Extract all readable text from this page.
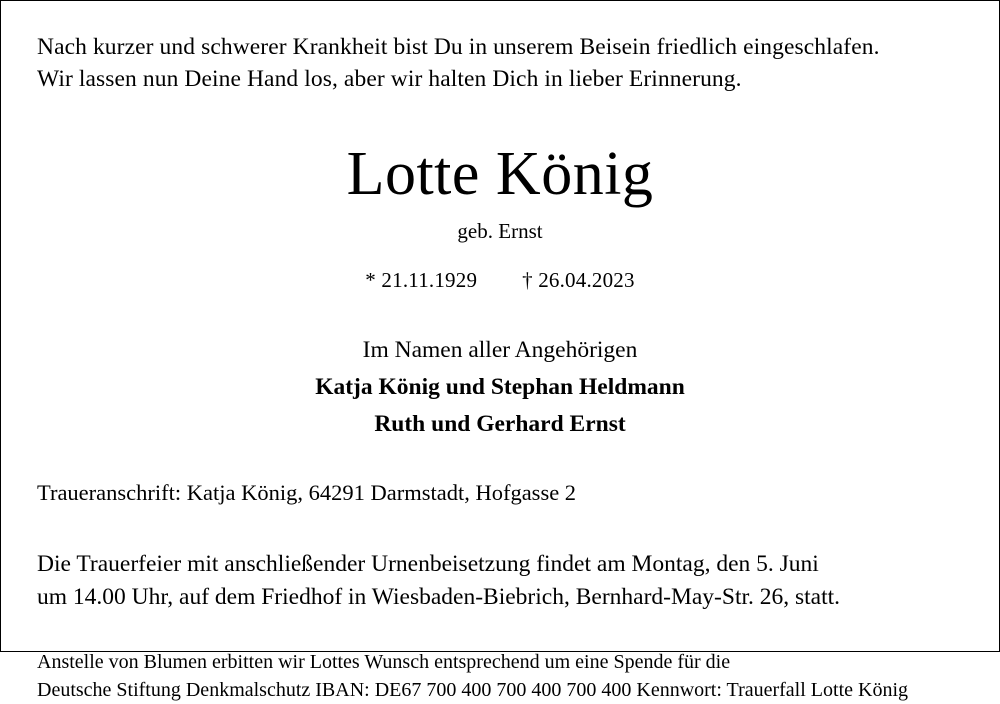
Nach kurzer und schwerer Krankheit bist Du in unserem Beisein friedlich eingeschlafen.
Wir lassen nun Deine Hand los, aber wir halten Dich in lieber Erinnerung.
Lotte König
geb. Ernst
* 21.11.1929 † 26.04.2023
Im Namen aller Angehörigen
Katja König und Stephan Heldmann
Ruth und Gerhard Ernst
Traueranschrift: Katja König, 64291 Darmstadt, Hofgasse 2
Die Trauerfeier mit anschließender Urnenbeisetzung findet am Montag, den 5. Juni
um 14.00 Uhr, auf dem Friedhof in Wiesbaden-Biebrich, Bernhard-May-Str. 26, statt.
Anstelle von Blumen erbitten wir Lottes Wunsch entsprechend um eine Spende für die
Deutsche Stiftung Denkmalschutz IBAN: DE67 700 400 700 400 700 400 Kennwort: Trauerfall Lotte König
